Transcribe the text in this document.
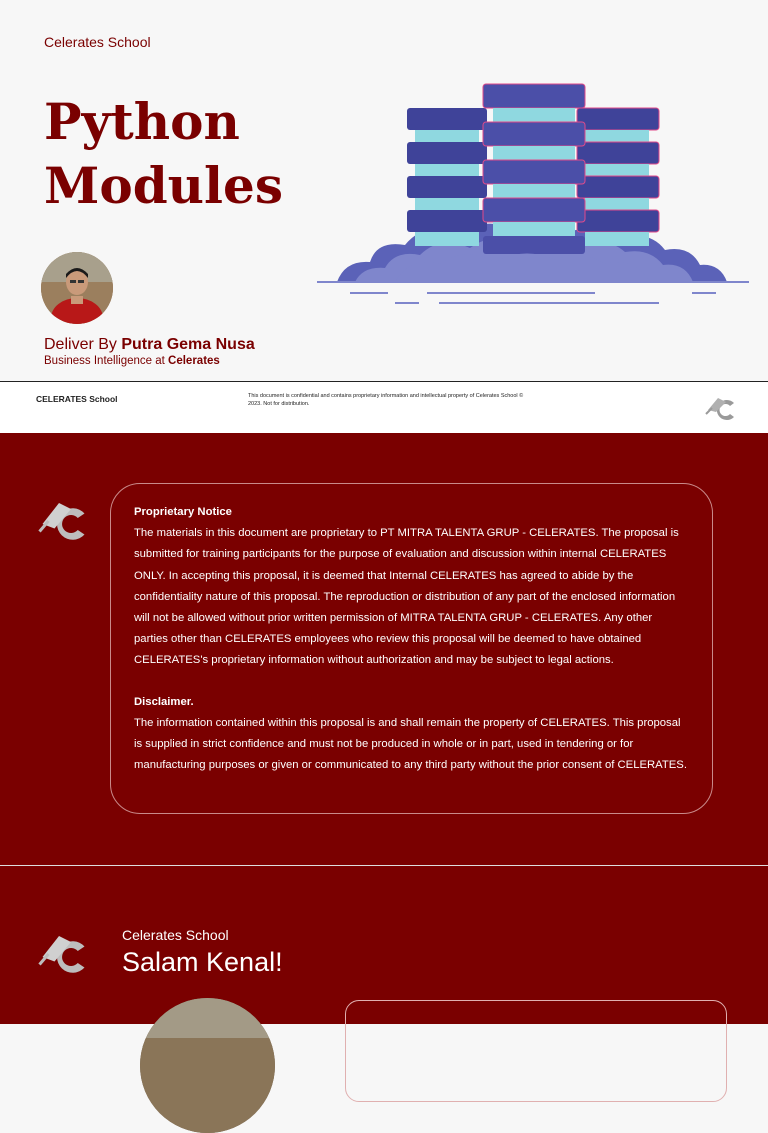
Celerates School
Python
Modules
Deliver By Putra Gema Nusa
Business Intelligence at Celerates
CELERATES School	This document is confidential and contains proprietary information and intellectual property of Celerates School © 2023. Not for distribution.

Proprietary Notice

The materials in this document are proprietary to PT MITRA TALENTA GRUP - CELERATES. The proposal is submitted for training participants for the purpose of evaluation and discussion within internal CELERATES ONLY. In accepting this proposal, it is deemed that Internal CELERATES has agreed to abide by the confidentiality nature of this proposal. The reproduction or distribution of any part of the enclosed information will not be allowed without prior written permission of MITRA TALENTA GRUP - CELERATES. Any other parties other than CELERATES employees who review this proposal will be deemed to have obtained CELERATES's proprietary information without authorization and may be subject to legal actions.

Disclaimer.

The information contained within this proposal is and shall remain the property of CELERATES. This proposal is supplied in strict confidence and must not be produced in whole or in part, used in tendering or for manufacturing purposes or given or communicated to any third party without the prior consent of CELERATES.

Celerates School
Salam Kenal!
